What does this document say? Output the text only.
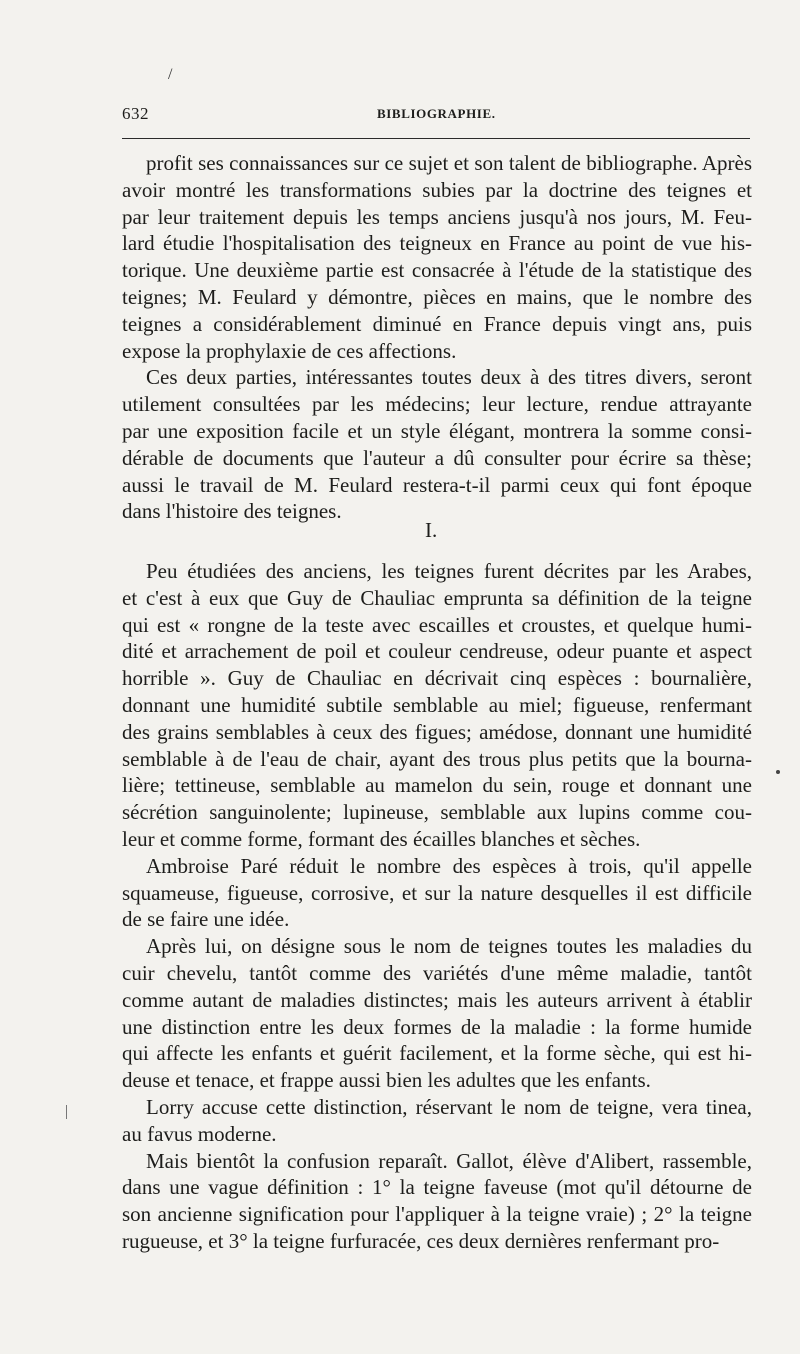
/
632	BIBLIOGRAPHIE.
profit ses connaissances sur ce sujet et son talent de bibliographe. Après
avoir montré les transformations subies par la doctrine des teignes et
par leur traitement depuis les temps anciens jusqu'à nos jours, M. Feu-
lard étudie l'hospitalisation des teigneux en France au point de vue his-
torique. Une deuxième partie est consacrée à l'étude de la statistique des
teignes; M. Feulard y démontre, pièces en mains, que le nombre des
teignes a considérablement diminué en France depuis vingt ans, puis
expose la prophylaxie de ces affections.
Ces deux parties, intéressantes toutes deux à des titres divers, seront
utilement consultées par les médecins; leur lecture, rendue attrayante
par une exposition facile et un style élégant, montrera la somme consi-
dérable de documents que l'auteur a dû consulter pour écrire sa thèse;
aussi le travail de M. Feulard restera-t-il parmi ceux qui font époque
dans l'histoire des teignes.
I.
Peu étudiées des anciens, les teignes furent décrites par les Arabes,
et c'est à eux que Guy de Chauliac emprunta sa définition de la teigne
qui est « rongne de la teste avec escailles et croustes, et quelque humi-
dité et arrachement de poil et couleur cendreuse, odeur puante et aspect
horrible ». Guy de Chauliac en décrivait cinq espèces : bournalière,
donnant une humidité subtile semblable au miel; figueuse, renfermant
des grains semblables à ceux des figues; amédose, donnant une humidité
semblable à de l'eau de chair, ayant des trous plus petits que la bourna-
lière; tettineuse, semblable au mamelon du sein, rouge et donnant une
sécrétion sanguinolente; lupineuse, semblable aux lupins comme cou-
leur et comme forme, formant des écailles blanches et sèches.
Ambroise Paré réduit le nombre des espèces à trois, qu'il appelle
squameuse, figueuse, corrosive, et sur la nature desquelles il est difficile
de se faire une idée.
Après lui, on désigne sous le nom de teignes toutes les maladies du
cuir chevelu, tantôt comme des variétés d'une même maladie, tantôt
comme autant de maladies distinctes; mais les auteurs arrivent à établir
une distinction entre les deux formes de la maladie : la forme humide
qui affecte les enfants et guérit facilement, et la forme sèche, qui est hi-
deuse et tenace, et frappe aussi bien les adultes que les enfants.
Lorry accuse cette distinction, réservant le nom de teigne, vera tinea,
au favus moderne.
Mais bientôt la confusion reparaît. Gallot, élève d'Alibert, rassemble,
dans une vague définition : 1° la teigne faveuse (mot qu'il détourne de
son ancienne signification pour l'appliquer à la teigne vraie) ; 2° la teigne
rugueuse, et 3° la teigne furfuracée, ces deux dernières renfermant pro-
